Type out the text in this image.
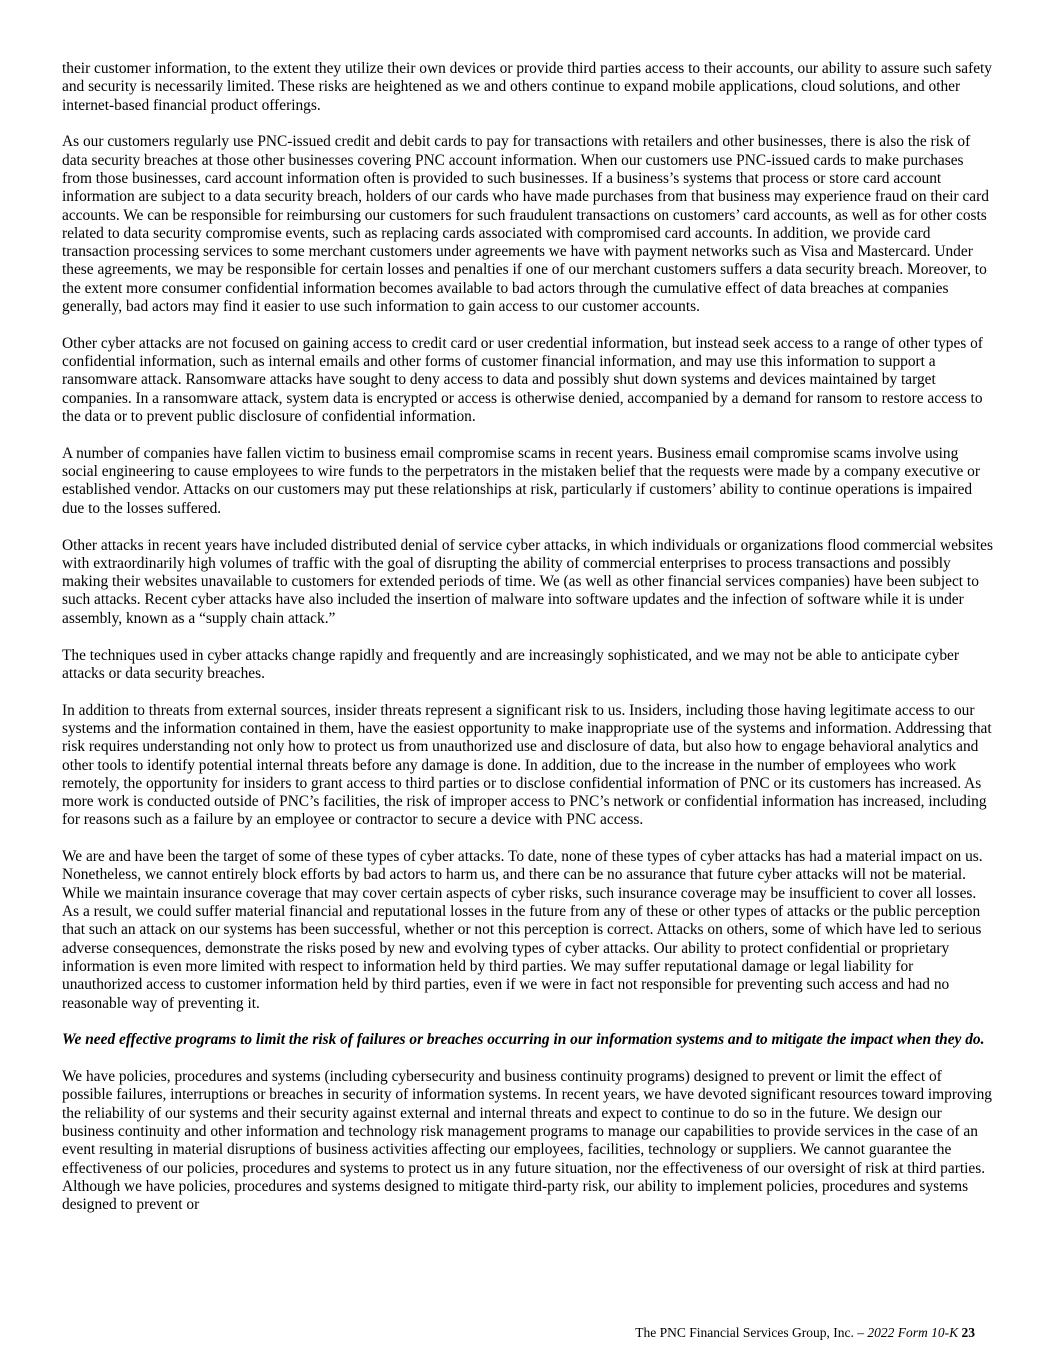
their customer information, to the extent they utilize their own devices or provide third parties access to their accounts, our ability to assure such safety and security is necessarily limited. These risks are heightened as we and others continue to expand mobile applications, cloud solutions, and other internet-based financial product offerings.

As our customers regularly use PNC-issued credit and debit cards to pay for transactions with retailers and other businesses, there is also the risk of data security breaches at those other businesses covering PNC account information. When our customers use PNC-issued cards to make purchases from those businesses, card account information often is provided to such businesses. If a business’s systems that process or store card account information are subject to a data security breach, holders of our cards who have made purchases from that business may experience fraud on their card accounts. We can be responsible for reimbursing our customers for such fraudulent transactions on customers’ card accounts, as well as for other costs related to data security compromise events, such as replacing cards associated with compromised card accounts. In addition, we provide card transaction processing services to some merchant customers under agreements we have with payment networks such as Visa and Mastercard. Under these agreements, we may be responsible for certain losses and penalties if one of our merchant customers suffers a data security breach. Moreover, to the extent more consumer confidential information becomes available to bad actors through the cumulative effect of data breaches at companies generally, bad actors may find it easier to use such information to gain access to our customer accounts.

Other cyber attacks are not focused on gaining access to credit card or user credential information, but instead seek access to a range of other types of confidential information, such as internal emails and other forms of customer financial information, and may use this information to support a ransomware attack. Ransomware attacks have sought to deny access to data and possibly shut down systems and devices maintained by target companies. In a ransomware attack, system data is encrypted or access is otherwise denied, accompanied by a demand for ransom to restore access to the data or to prevent public disclosure of confidential information.

A number of companies have fallen victim to business email compromise scams in recent years. Business email compromise scams involve using social engineering to cause employees to wire funds to the perpetrators in the mistaken belief that the requests were made by a company executive or established vendor. Attacks on our customers may put these relationships at risk, particularly if customers’ ability to continue operations is impaired due to the losses suffered.

Other attacks in recent years have included distributed denial of service cyber attacks, in which individuals or organizations flood commercial websites with extraordinarily high volumes of traffic with the goal of disrupting the ability of commercial enterprises to process transactions and possibly making their websites unavailable to customers for extended periods of time. We (as well as other financial services companies) have been subject to such attacks. Recent cyber attacks have also included the insertion of malware into software updates and the infection of software while it is under assembly, known as a “supply chain attack.”

The techniques used in cyber attacks change rapidly and frequently and are increasingly sophisticated, and we may not be able to anticipate cyber attacks or data security breaches.

In addition to threats from external sources, insider threats represent a significant risk to us. Insiders, including those having legitimate access to our systems and the information contained in them, have the easiest opportunity to make inappropriate use of the systems and information. Addressing that risk requires understanding not only how to protect us from unauthorized use and disclosure of data, but also how to engage behavioral analytics and other tools to identify potential internal threats before any damage is done. In addition, due to the increase in the number of employees who work remotely, the opportunity for insiders to grant access to third parties or to disclose confidential information of PNC or its customers has increased. As more work is conducted outside of PNC’s facilities, the risk of improper access to PNC’s network or confidential information has increased, including for reasons such as a failure by an employee or contractor to secure a device with PNC access.

We are and have been the target of some of these types of cyber attacks. To date, none of these types of cyber attacks has had a material impact on us. Nonetheless, we cannot entirely block efforts by bad actors to harm us, and there can be no assurance that future cyber attacks will not be material. While we maintain insurance coverage that may cover certain aspects of cyber risks, such insurance coverage may be insufficient to cover all losses. As a result, we could suffer material financial and reputational losses in the future from any of these or other types of attacks or the public perception that such an attack on our systems has been successful, whether or not this perception is correct. Attacks on others, some of which have led to serious adverse consequences, demonstrate the risks posed by new and evolving types of cyber attacks. Our ability to protect confidential or proprietary information is even more limited with respect to information held by third parties. We may suffer reputational damage or legal liability for unauthorized access to customer information held by third parties, even if we were in fact not responsible for preventing such access and had no reasonable way of preventing it.

We need effective programs to limit the risk of failures or breaches occurring in our information systems and to mitigate the impact when they do.

We have policies, procedures and systems (including cybersecurity and business continuity programs) designed to prevent or limit the effect of possible failures, interruptions or breaches in security of information systems. In recent years, we have devoted significant resources toward improving the reliability of our systems and their security against external and internal threats and expect to continue to do so in the future. We design our business continuity and other information and technology risk management programs to manage our capabilities to provide services in the case of an event resulting in material disruptions of business activities affecting our employees, facilities, technology or suppliers. We cannot guarantee the effectiveness of our policies, procedures and systems to protect us in any future situation, nor the effectiveness of our oversight of risk at third parties. Although we have policies, procedures and systems designed to mitigate third-party risk, our ability to implement policies, procedures and systems designed to prevent or

The PNC Financial Services Group, Inc. – 2022 Form 10-K 23
